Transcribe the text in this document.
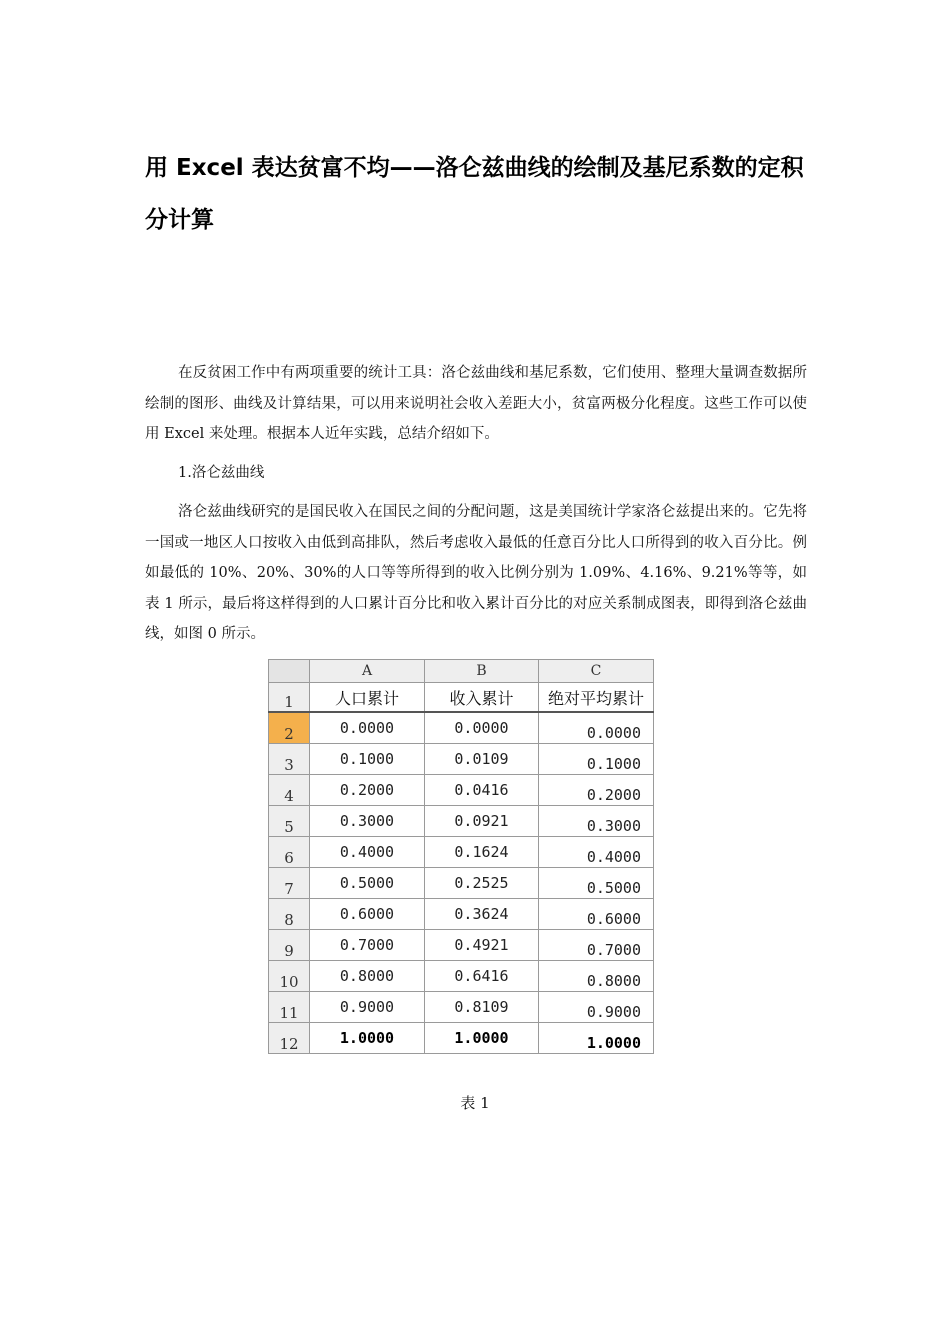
用 Excel 表达贫富不均——洛仑兹曲线的绘制及基尼系数的定积分计算

在反贫困工作中有两项重要的统计工具：洛仑兹曲线和基尼系数，它们使用、整理大量调查数据所绘制的图形、曲线及计算结果，可以用来说明社会收入差距大小，贫富两极分化程度。这些工作可以使用 Excel 来处理。根据本人近年实践，总结介绍如下。

1.洛仑兹曲线

洛仑兹曲线研究的是国民收入在国民之间的分配问题，这是美国统计学家洛仑兹提出来的。它先将一国或一地区人口按收入由低到高排队，然后考虑收入最低的任意百分比人口所得到的收入百分比。例如最低的 10%、20%、30%的人口等等所得到的收入比例分别为 1.09%、4.16%、9.21%等等，如表 1 所示，最后将这样得到的人口累计百分比和收入累计百分比的对应关系制成图表，即得到洛仑兹曲线，如图 0 所示。

	A	B	C
1	人口累计	收入累计	绝对平均累计
2	0.0000	0.0000	0.0000
3	0.1000	0.0109	0.1000
4	0.2000	0.0416	0.2000
5	0.3000	0.0921	0.3000
6	0.4000	0.1624	0.4000
7	0.5000	0.2525	0.5000
8	0.6000	0.3624	0.6000
9	0.7000	0.4921	0.7000
10	0.8000	0.6416	0.8000
11	0.9000	0.8109	0.9000
12	1.0000	1.0000	1.0000

表 1
